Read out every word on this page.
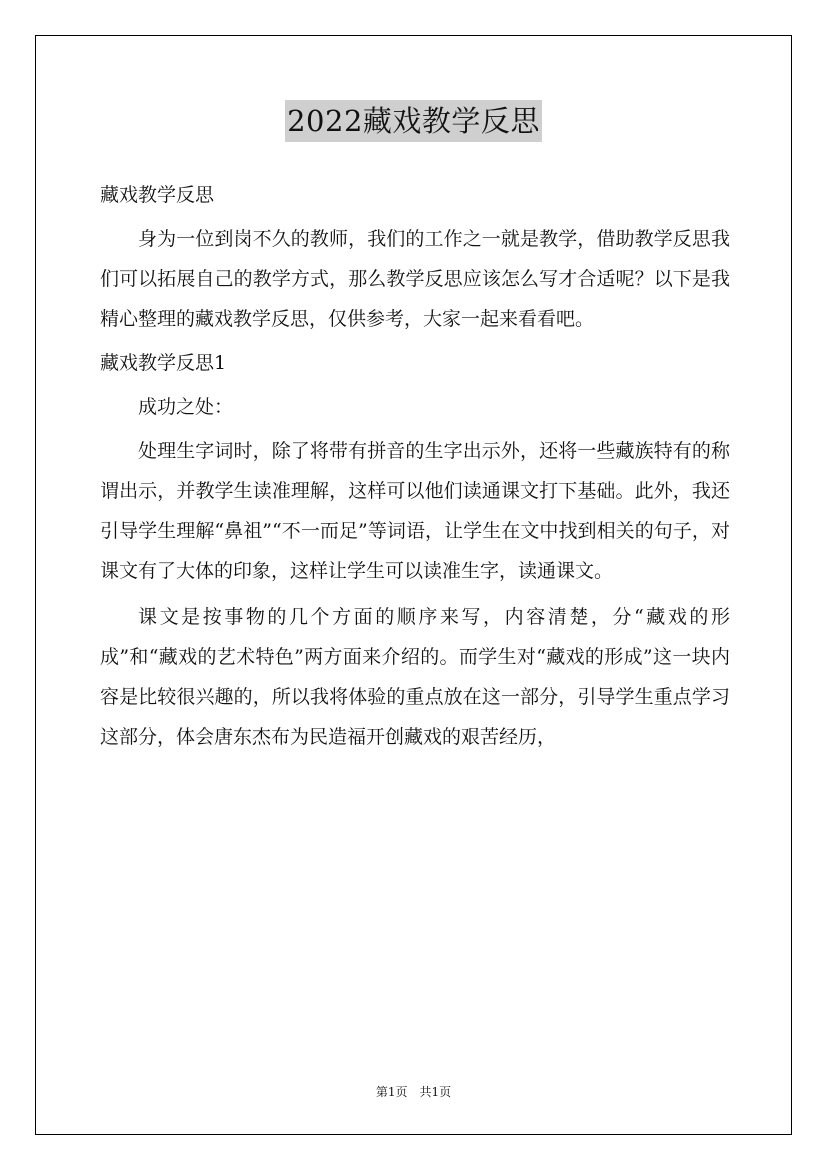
2022藏戏教学反思

藏戏教学反思

身为一位到岗不久的教师，我们的工作之一就是教学，借助教学反思我们可以拓展自己的教学方式，那么教学反思应该怎么写才合适呢？以下是我精心整理的藏戏教学反思，仅供参考，大家一起来看看吧。

藏戏教学反思1

成功之处：

处理生字词时，除了将带有拼音的生字出示外，还将一些藏族特有的称谓出示，并教学生读准理解，这样可以他们读通课文打下基础。此外，我还引导学生理解“鼻祖”“不一而足”等词语，让学生在文中找到相关的句子，对课文有了大体的印象，这样让学生可以读准生字，读通课文。

课文是按事物的几个方面的顺序来写，内容清楚，分“藏戏的形成”和“藏戏的艺术特色”两方面来介绍的。而学生对“藏戏的形成”这一块内容是比较很兴趣的，所以我将体验的重点放在这一部分，引导学生重点学习这部分，体会唐东杰布为民造福开创藏戏的艰苦经历，

第1页 共1页
